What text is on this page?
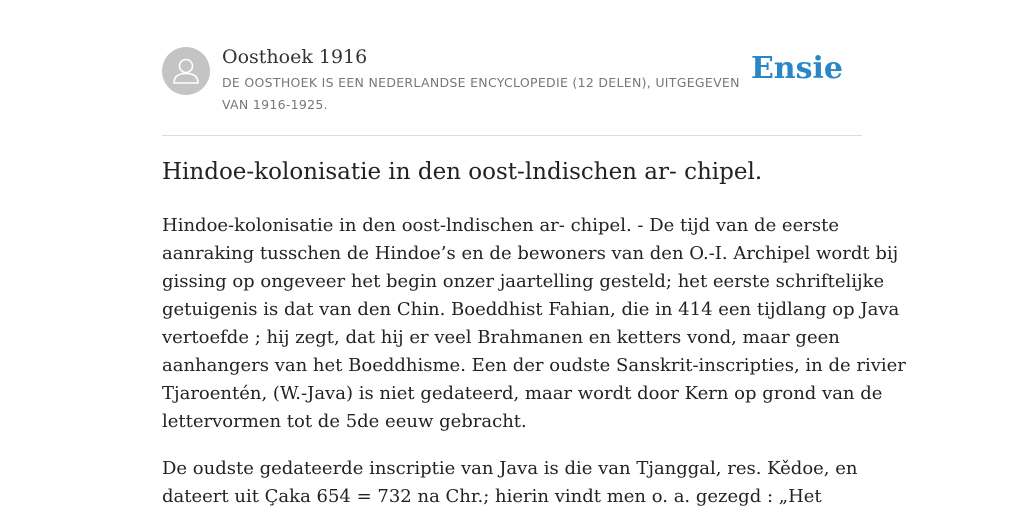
Oosthoek 1916
DE OOSTHOEK IS EEN NEDERLANDSE ENCYCLOPEDIE (12 DELEN), UITGEGEVEN
VAN 1916-1925.
Ensie
Hindoe-kolonisatie in den oost-lndischen ar- chipel.

Hindoe-kolonisatie in den oost-lndischen ar- chipel. - De tijd van de eerste
aanraking tusschen de Hindoe’s en de bewoners van den O.-I. Archipel wordt bij
gissing op ongeveer het begin onzer jaartelling gesteld; het eerste schriftelijke
getuigenis is dat van den Chin. Boeddhist Fahian, die in 414 een tijdlang op Java
vertoefde ; hij zegt, dat hij er veel Brahmanen en ketters vond, maar geen
aanhangers van het Boeddhisme. Een der oudste Sanskrit-inscripties, in de rivier
Tjaroentén, (W.-Java) is niet gedateerd, maar wordt door Kern op grond van de
lettervormen tot de 5de eeuw gebracht.

De oudste gedateerde inscriptie van Java is die van Tjanggal, res. Kědoe, en
dateert uit Çaka 654 = 732 na Chr.; hierin vindt men o. a. gezegd : „Het
